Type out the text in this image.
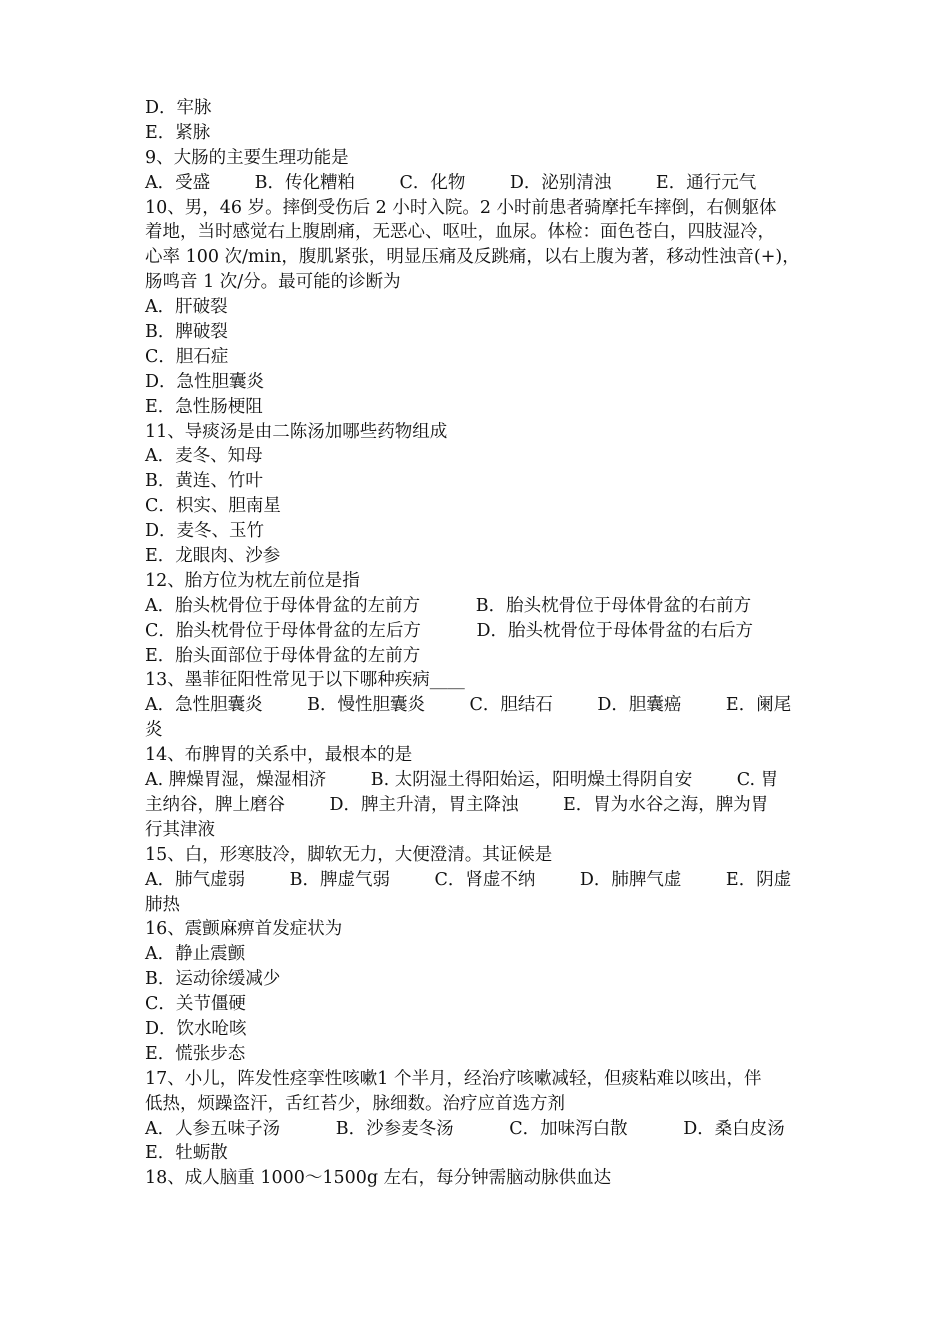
D．牢脉
E．紧脉
9、大肠的主要生理功能是
A．受盛        B．传化糟粕        C．化物        D．泌别清浊        E．通行元气
10、男，46 岁。摔倒受伤后 2 小时入院。2 小时前患者骑摩托车摔倒，右侧躯体
着地，当时感觉右上腹剧痛，无恶心、呕吐，血尿。体检：面色苍白，四肢湿冷，
心率 100 次/min，腹肌紧张，明显压痛及反跳痛，以右上腹为著，移动性浊音(+)，
肠鸣音 1 次/分。最可能的诊断为
A．肝破裂
B．脾破裂
C．胆石症
D．急性胆囊炎
E．急性肠梗阻
11、导痰汤是由二陈汤加哪些药物组成
A．麦冬、知母
B．黄连、竹叶
C．枳实、胆南星
D．麦冬、玉竹
E．龙眼肉、沙参
12、胎方位为枕左前位是指
A．胎头枕骨位于母体骨盆的左前方          B．胎头枕骨位于母体骨盆的右前方
C．胎头枕骨位于母体骨盆的左后方          D．胎头枕骨位于母体骨盆的右后方
E．胎头面部位于母体骨盆的左前方
13、墨菲征阳性常见于以下哪种疾病____
A．急性胆囊炎        B．慢性胆囊炎        C．胆结石        D．胆囊癌        E．阑尾
炎
14、布脾胃的关系中，最根本的是
A. 脾燥胃湿，燥湿相济        B. 太阴湿土得阳始运，阳明燥土得阴自安        C. 胃
主纳谷，脾上磨谷        D．脾主升清，胃主降浊        E．胃为水谷之海，脾为胃
行其津液
15、白，形寒肢冷，脚软无力，大便澄清。其证候是
A．肺气虚弱        B．脾虚气弱        C．肾虚不纳        D．肺脾气虚        E．阴虚
肺热
16、震颤麻痹首发症状为
A．静止震颤
B．运动徐缓减少
C．关节僵硬
D．饮水呛咳
E．慌张步态
17、小儿，阵发性痉挛性咳嗽1 个半月，经治疗咳嗽减轻，但痰粘难以咳出，伴
低热，烦躁盗汗，舌红苔少，脉细数。治疗应首选方剂
A．人参五味子汤          B．沙参麦冬汤          C．加味泻白散          D．桑白皮汤
E．牡蛎散
18、成人脑重 1000～1500g 左右，每分钟需脑动脉供血达
